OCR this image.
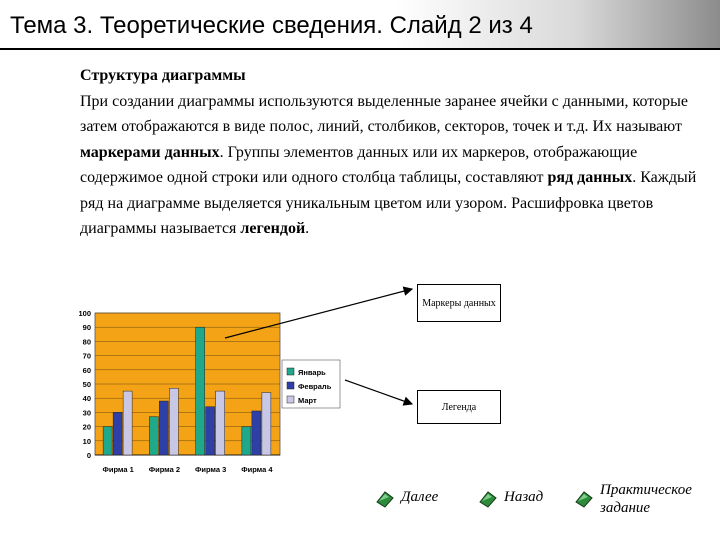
Тема 3. Теоретические сведения. Слайд 2 из 4
Структура диаграммы
При создании диаграммы используются выделенные заранее ячейки с данными, которые затем отображаются в виде полос, линий, столбиков, секторов, точек и т.д. Их называют маркерами данных. Группы элементов данных или их маркеров, отображающие содержимое одной строки или одного столбца таблицы, составляют ряд данных. Каждый ряд на диаграмме выделяется уникальным цветом или узором. Расшифровка цветов диаграммы называется легендой.
0
10
20
30
40
50
60
70
80
90
100
Фирма 1 Фирма 2 Фирма 3 Фирма 4
Январь
Февраль
Март
Маркеры данных
Легенда
Далее	Назад	Практическое
задание
